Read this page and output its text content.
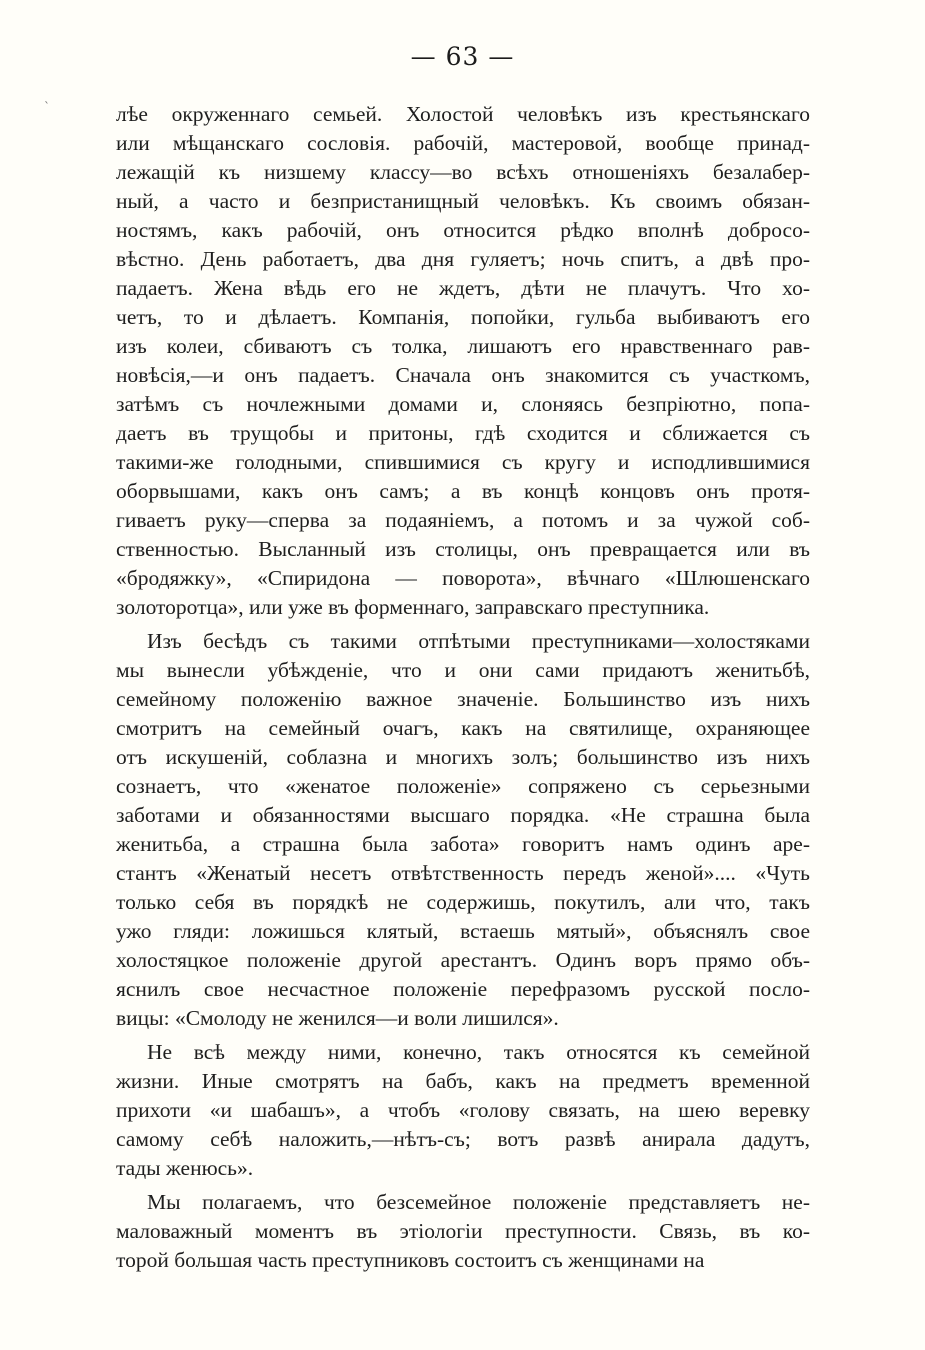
ˋ
— 63 —
лѣе окруженнаго семьей. Холостой человѣкъ изъ крестьянскаго
или мѣщанскаго сословія. рабочій, мастеровой, вообще принад-
лежащій къ низшему классу—во всѣхъ отношеніяхъ безалабер-
ный, а часто и безпристанищный человѣкъ. Къ своимъ обязан-
ностямъ, какъ рабочій, онъ относится рѣдко вполнѣ добросо-
вѣстно. День работаетъ, два дня гуляетъ; ночь спитъ, а двѣ про-
падаетъ. Жена вѣдь его не ждетъ, дѣти не плачутъ. Что хо-
четъ, то и дѣлаетъ. Компанія, попойки, гульба выбиваютъ его
изъ колеи, сбиваютъ съ толка, лишаютъ его нравственнаго рав-
новѣсія,—и онъ падаетъ. Сначала онъ знакомится съ участкомъ,
затѣмъ съ ночлежными домами и, слоняясь безпріютно, попа-
даетъ въ трущобы и притоны, гдѣ сходится и сближается съ
такими-же голодными, спившимися съ кругу и исподлившимися
оборвышами, какъ онъ самъ; а въ концѣ концовъ онъ протя-
гиваетъ руку—сперва за подаяніемъ, а потомъ и за чужой соб-
ственностью. Высланный изъ столицы, онъ превращается или въ
«бродяжку», «Спиридона — поворота», вѣчнаго «Шлюшенскаго
золоторотца», или уже въ форменнаго, заправскаго преступника.
Изъ бесѣдъ съ такими отпѣтыми преступниками—холостяками
мы вынесли убѣжденіе, что и они сами придаютъ женитьбѣ,
семейному положенію важное значеніе. Большинство изъ нихъ
смотритъ на семейный очагъ, какъ на святилище, охраняющее
отъ искушеній, соблазна и многихъ золъ; большинство изъ нихъ
сознаетъ, что «женатое положеніе» сопряжено съ серьезными
заботами и обязанностями высшаго порядка. «Не страшна была
женитьба, а страшна была забота» говоритъ намъ одинъ аре-
стантъ «Женатый несетъ отвѣтственность передъ женой».... «Чуть
только себя въ порядкѣ не содержишь, покутилъ, али что, такъ
ужо гляди: ложишься клятый, встаешь мятый», объяснялъ свое
холостяцкое положеніе другой арестантъ. Одинъ воръ прямо объ-
яснилъ свое несчастное положеніе перефразомъ русской посло-
вицы: «Смолоду не женился—и воли лишился».
Не всѣ между ними, конечно, такъ относятся къ семейной
жизни. Иные смотрятъ на бабъ, какъ на предметъ временной
прихоти «и шабашъ», а чтобъ «голову связать, на шею веревку
самому себѣ наложить,—нѣтъ-съ; вотъ развѣ анирала дадутъ,
тады женюсь».
Мы полагаемъ, что безсемейное положеніе представляетъ не-
маловажный моментъ въ этіологіи преступности. Связь, въ ко-
торой большая часть преступниковъ состоитъ съ женщинами на
